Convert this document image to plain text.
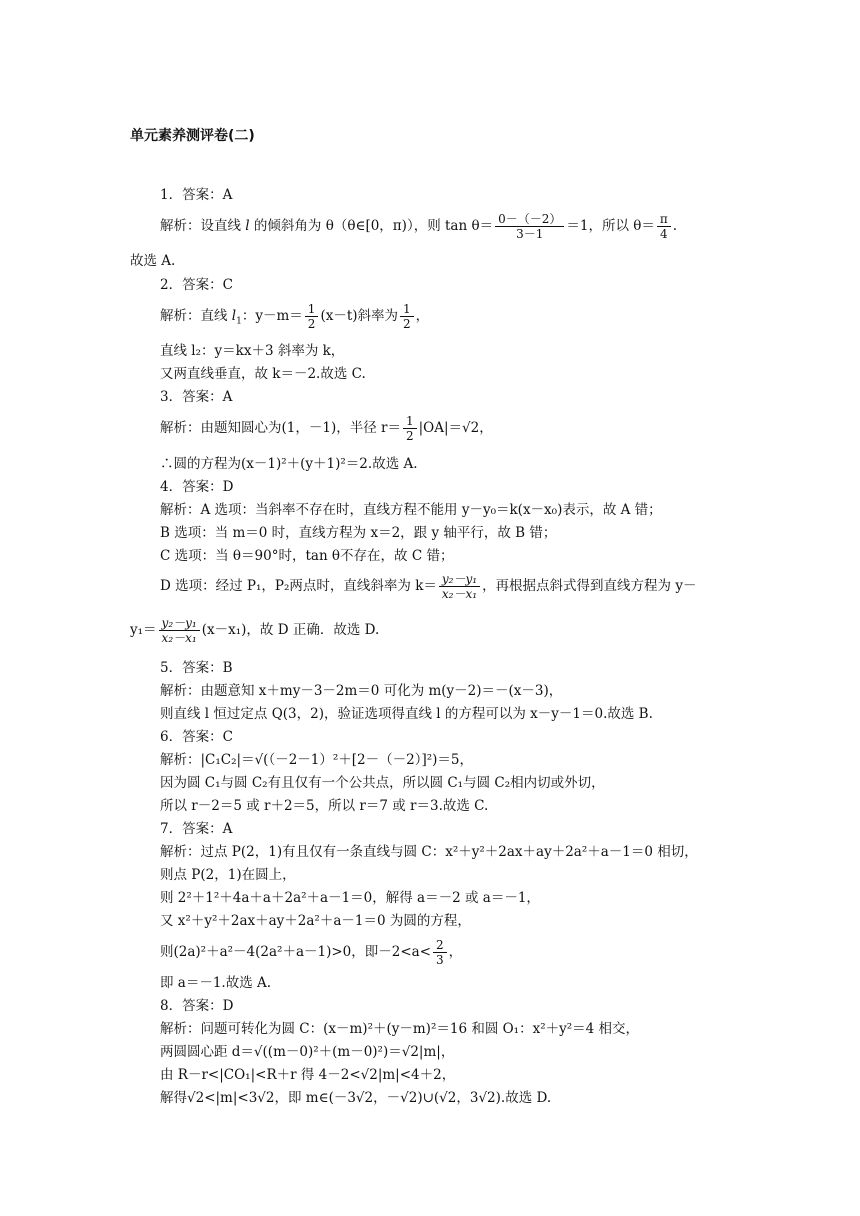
单元素养测评卷(二)
1．答案：A
解析：设直线 l 的倾斜角为 θ（θ∈[0，π)），则 $\tan \theta= \frac{0-(-2)}{3-1} =1$，所以 $\theta= \frac{\pi}{4}$ .
故选 A.
2．答案：C
解析：直线 $l_1$：$y-m= \frac{1}{2} (x-t)$斜率为 $\frac{1}{2}$ ，
直线 l₂：y＝kx＋3 斜率为 k，
又两直线垂直，故 k＝－2.故选 C.
3．答案：A
解析：由题知圆心为(1，－1)，半径 $r= \frac{1}{2} |OA|=√2$，
∴圆的方程为(x－1)²＋(y＋1)²＝2.故选 A.
4．答案：D
解析：A 选项：当斜率不存在时，直线方程不能用 y－y₀＝k(x－x₀)表示，故 A 错；
B 选项：当 m＝0 时，直线方程为 x＝2，跟 y 轴平行，故 B 错；
C 选项：当 θ＝90°时，tan θ不存在，故 C 错；
D 选项：经过 P₁，P₂两点时，直线斜率为 $k= \frac{\text{y₂－y₁}}{\text{x₂－x₁}}$ ，再根据点斜式得到直线方程为 y－
$y_1= \frac{\text{y₂－y₁}}{\text{x₂－x₁}} (x-x_1)$，故 D 正确．故选 D.
5．答案：B
解析：由题意知 x＋my－3－2m＝0 可化为 m(y－2)＝－(x－3)，
则直线 l 恒过定点 Q(3，2)，验证选项得直线 l 的方程可以为 x－y－1＝0.故选 B.
6．答案：C
解析：|C₁C₂|＝√(（－2－1）²＋[2－（－2）]²)＝5，
因为圆 C₁与圆 C₂有且仅有一个公共点，所以圆 C₁与圆 C₂相内切或外切，
所以 r－2＝5 或 r＋2＝5，所以 r＝7 或 r＝3.故选 C.
7．答案：A
解析：过点 P(2，1)有且仅有一条直线与圆 C：x²＋y²＋2ax＋ay＋2a²＋a－1＝0 相切，
则点 P(2，1)在圆上，
则 2²＋1²＋4a＋a＋2a²＋a－1＝0，解得 a＝－2 或 a＝－1，
又 x²＋y²＋2ax＋ay＋2a²＋a－1＝0 为圆的方程，
则(2a)²＋a²－4(2a²＋a－1)>0，即$-2<a< \frac{2}{3}$ ，
即 a＝－1.故选 A.
8．答案：D
解析：问题可转化为圆 C：(x－m)²＋(y－m)²＝16 和圆 O₁：x²＋y²＝4 相交，
两圆圆心距 d＝√((m－0)²＋(m－0)²)＝√2|m|，
由 R－r<|CO₁|<R＋r 得 4－2<√2|m|<4＋2，
解得√2<|m|<3√2，即 m∈(－3√2，－√2)∪(√2，3√2).故选 D.
